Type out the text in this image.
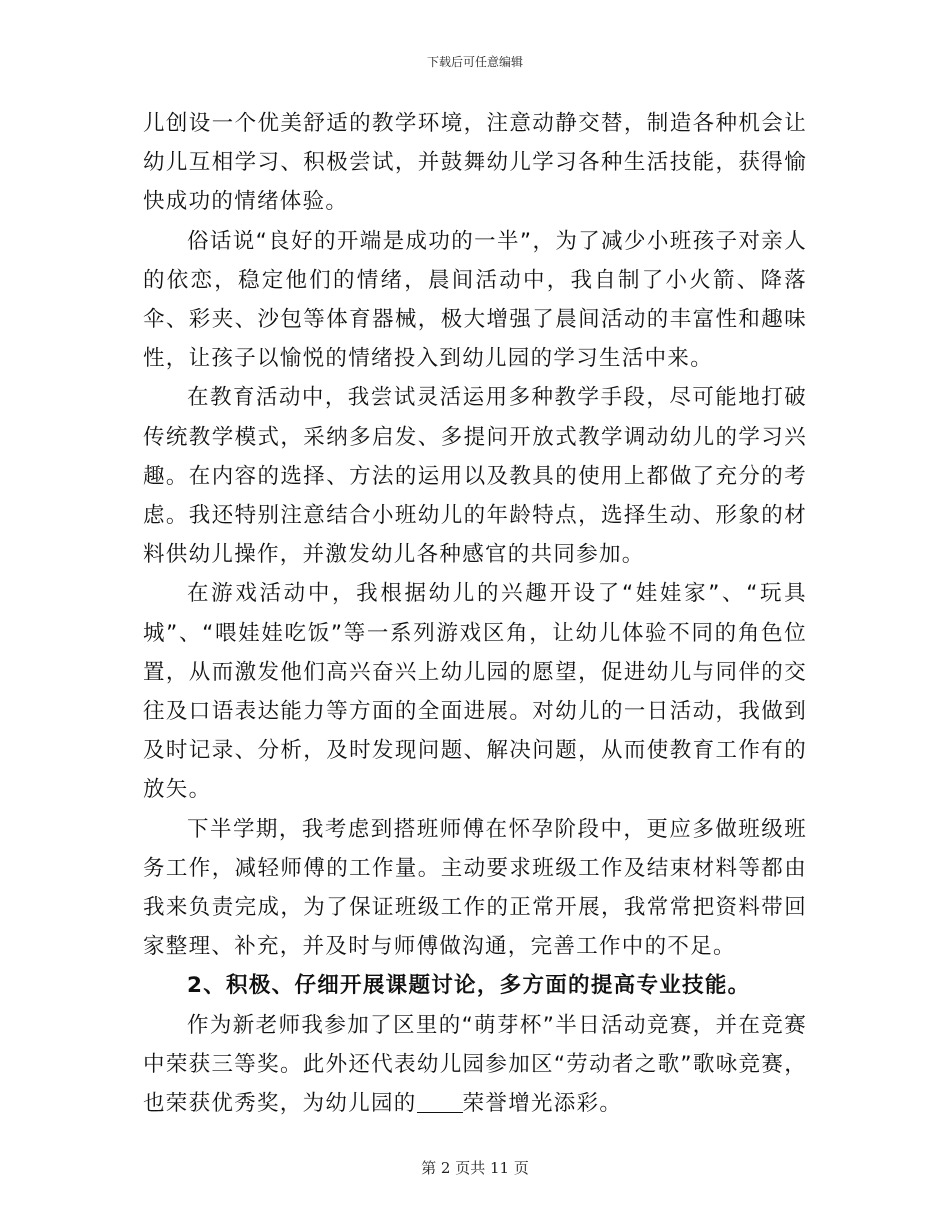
下载后可任意编辑

儿创设一个优美舒适的教学环境，注意动静交替，制造各种机会让幼儿互相学习、积极尝试，并鼓舞幼儿学习各种生活技能，获得愉快成功的情绪体验。

俗话说“良好的开端是成功的一半”，为了减少小班孩子对亲人的依恋，稳定他们的情绪，晨间活动中，我自制了小火箭、降落伞、彩夹、沙包等体育器械，极大增强了晨间活动的丰富性和趣味性，让孩子以愉悦的情绪投入到幼儿园的学习生活中来。

在教育活动中，我尝试灵活运用多种教学手段，尽可能地打破传统教学模式，采纳多启发、多提问开放式教学调动幼儿的学习兴趣。在内容的选择、方法的运用以及教具的使用上都做了充分的考虑。我还特别注意结合小班幼儿的年龄特点，选择生动、形象的材料供幼儿操作，并激发幼儿各种感官的共同参加。

在游戏活动中，我根据幼儿的兴趣开设了“娃娃家”、“玩具城”、“喂娃娃吃饭”等一系列游戏区角，让幼儿体验不同的角色位置，从而激发他们高兴奋兴上幼儿园的愿望，促进幼儿与同伴的交往及口语表达能力等方面的全面进展。对幼儿的一日活动，我做到及时记录、分析，及时发现问题、解决问题，从而使教育工作有的放矢。

下半学期，我考虑到搭班师傅在怀孕阶段中，更应多做班级班务工作，减轻师傅的工作量。主动要求班级工作及结束材料等都由我来负责完成，为了保证班级工作的正常开展，我常常把资料带回家整理、补充，并及时与师傅做沟通，完善工作中的不足。

2、积极、仔细开展课题讨论，多方面的提高专业技能。

作为新老师我参加了区里的“萌芽杯”半日活动竞赛，并在竞赛中荣获三等奖。此外还代表幼儿园参加区“劳动者之歌”歌咏竞赛，也荣获优秀奖，为幼儿园的 荣誉增光添彩。

第 2 页共 11 页
